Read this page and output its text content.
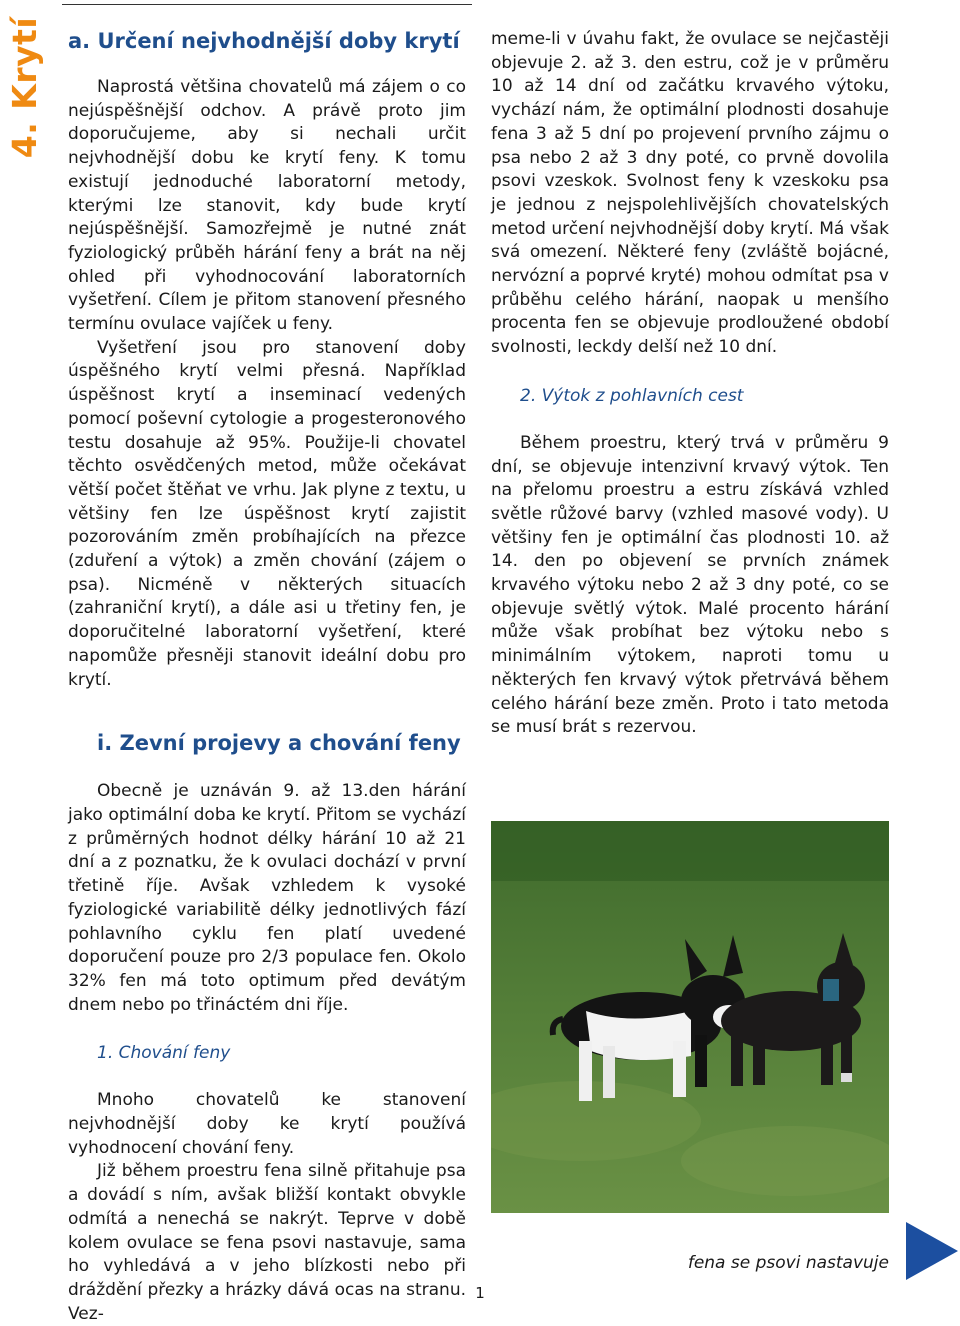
4. Krytí a. Určení nejvhodnější doby krytí

Naprostá většina chovatelů má zájem o co nejúspěšnější odchov. A právě proto jim doporučujeme, aby si nechali určit nejvhodnější dobu ke krytí feny. K tomu existují jednoduché laboratorní metody, kterými lze stanovit, kdy bude krytí nejúspěšnější. Samozřejmě je nutné znát fyziologický průběh hárání feny a brát na něj ohled při vyhodnocování laboratorních vyšetření. Cílem je přitom stanovení přesného termínu ovulace vajíček u feny.

Vyšetření jsou pro stanovení doby úspěšného krytí velmi přesná. Například úspěšnost krytí a inseminací vedených pomocí poševní cytologie a progesteronového testu dosahuje až 95%. Použije-li chovatel těchto osvědčených metod, může očekávat větší počet štěňat ve vrhu. Jak plyne z textu, u většiny fen lze úspěšnost krytí zajistit pozorováním změn probíhajících na přezce (zduření a výtok) a změn chování (zájem o psa). Nicméně v některých situacích (zahraniční krytí), a dále asi u třetiny fen, je doporučitelné laboratorní vyšetření, které napomůže přesněji stanovit ideální dobu pro krytí.

i. Zevní projevy a chování feny

Obecně je uznáván 9. až 13.den hárání jako optimální doba ke krytí. Přitom se vychází z průměrných hodnot délky hárání 10 až 21 dní a z poznatku, že k ovulaci dochází v první třetině říje. Avšak vzhledem k vysoké fyziologické variabilitě délky jednotlivých fází pohlavního cyklu fen platí uvedené doporučení pouze pro 2/3 populace fen. Okolo 32% fen má toto optimum před devátým dnem nebo po třináctém dni říje.

1. Chování feny

Mnoho chovatelů ke stanovení nejvhodnější doby ke krytí používá vyhodnocení chování feny.

Již během proestru fena silně přitahuje psa a dovádí s ním, avšak bližší kontakt obvykle odmítá a nenechá se nakrýt. Teprve v době kolem ovulace se fena psovi nastavuje, sama ho vyhledává a v jeho blízkosti nebo při dráždění přezky a hrázky dává ocas na stranu. Vez-

meme-li v úvahu fakt, že ovulace se nejčastěji objevuje 2. až 3. den estru, což je v průměru 10 až 14 dní od začátku krvavého výtoku, vychází nám, že optimální plodnosti dosahuje fena 3 až 5 dní po projevení prvního zájmu o psa nebo 2 až 3 dny poté, co prvně dovolila psovi vzeskok. Svolnost feny k vzeskoku psa je jednou z nejspolehlivějších chovatelských metod určení nejvhodnější doby krytí. Má však svá omezení. Některé feny (zvláště bojácné, nervózní a poprvé kryté) mohou odmítat psa v průběhu celého hárání, naopak u menšího procenta fen se objevuje prodloužené období svolnosti, leckdy delší než 10 dní.

2. Výtok z pohlavních cest

Během proestru, který trvá v průměru 9 dní, se objevuje intenzivní krvavý výtok. Ten na přelomu proestru a estru získává vzhled světle růžové barvy (vzhled masové vody). U většiny fen je optimální čas plodnosti 10. až 14. den po objevení se prvních známek krvavého výtoku nebo 2 až 3 dny poté, co se objevuje světlý výtok. Malé procento hárání může však probíhat bez výtoku nebo s minimálním výtokem, naproti tomu u některých fen krvavý výtok přetrvává během celého hárání beze změn. Proto i tato metoda se musí brát s rezervou.

fena se psovi nastavuje
1
